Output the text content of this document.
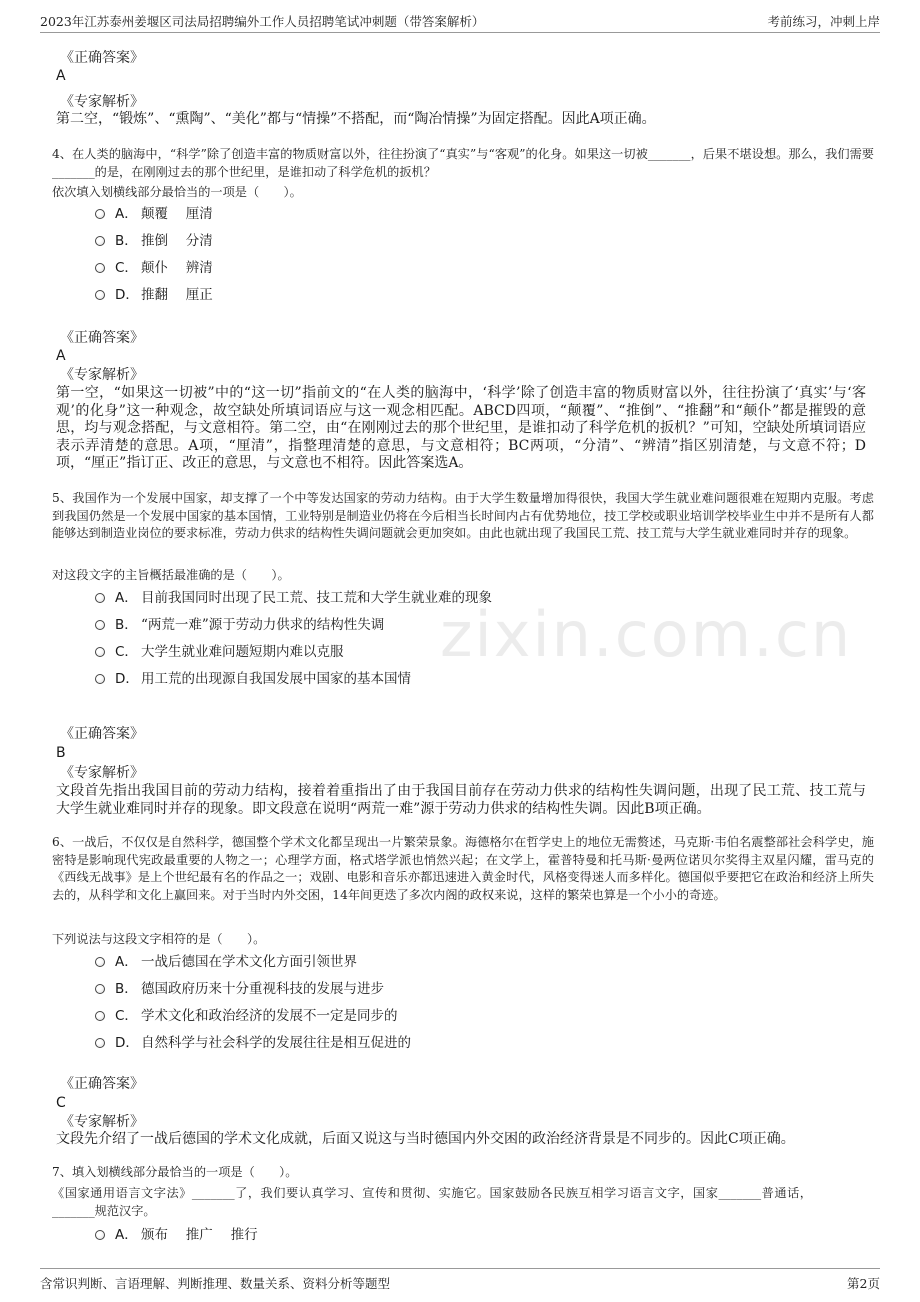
2023年江苏泰州姜堰区司法局招聘编外工作人员招聘笔试冲刺题（带答案解析）	考前练习，冲刺上岸
zixin.com.cn
《正确答案》
A
《专家解析》
第二空，“锻炼”、“熏陶”、“美化”都与“情操”不搭配，而“陶冶情操”为固定搭配。因此A项正确。
4、在人类的脑海中，“科学”除了创造丰富的物质财富以外，往往扮演了“真实”与“客观”的化身。如果这一切被_______，后果不堪设想。那么，我们需要_______的是，在刚刚过去的那个世纪里，是谁扣动了科学危机的扳机？
依次填入划横线部分最恰当的一项是（　　）。
A． 颠覆　 厘清
B． 推倒　 分清
C． 颠仆　 辨清
D． 推翻　 厘正
《正确答案》
A
《专家解析》
第一空，“如果这一切被”中的“这一切”指前文的“在人类的脑海中，‘科学’除了创造丰富的物质财富以外，往往扮演了‘真实’与‘客观’的化身”这一种观念，故空缺处所填词语应与这一观念相匹配。ABCD四项，“颠覆”、“推倒”、“推翻”和“颠仆”都是摧毁的意思，均与观念搭配，与文意相符。第二空，由“在刚刚过去的那个世纪里，是谁扣动了科学危机的扳机？”可知，空缺处所填词语应表示弄清楚的意思。A项，“厘清”，指整理清楚的意思，与文意相符；BC两项，“分清”、“辨清”指区别清楚，与文意不符；D项，“厘正”指订正、改正的意思，与文意也不相符。因此答案选A。
5、我国作为一个发展中国家，却支撑了一个中等发达国家的劳动力结构。由于大学生数量增加得很快，我国大学生就业难问题很难在短期内克服。考虑到我国仍然是一个发展中国家的基本国情，工业特别是制造业仍将在今后相当长时间内占有优势地位，技工学校或职业培训学校毕业生中并不是所有人都能够达到制造业岗位的要求标准，劳动力供求的结构性失调问题就会更加突如。由此也就出现了我国民工荒、技工荒与大学生就业难同时并存的现象。
对这段文字的主旨概括最准确的是（　　）。
A． 目前我国同时出现了民工荒、技工荒和大学生就业难的现象
B． “两荒一难”源于劳动力供求的结构性失调
C． 大学生就业难问题短期内难以克服
D． 用工荒的出现源自我国发展中国家的基本国情
《正确答案》
B
《专家解析》
文段首先指出我国目前的劳动力结构，接着着重指出了由于我国目前存在劳动力供求的结构性失调问题，出现了民工荒、技工荒与大学生就业难同时并存的现象。即文段意在说明“两荒一难”源于劳动力供求的结构性失调。因此B项正确。
6、一战后，不仅仅是自然科学，德国整个学术文化都呈现出一片繁荣景象。海德格尔在哲学史上的地位无需赘述，马克斯·韦伯名震整部社会科学史，施密特是影响现代宪政最重要的人物之一；心理学方面，格式塔学派也悄然兴起；在文学上，霍普特曼和托马斯·曼两位诺贝尔奖得主双星闪耀，雷马克的《西线无战事》是上个世纪最有名的作品之一；戏剧、电影和音乐亦都迅速进入黄金时代，风格变得迷人而多样化。德国似乎要把它在政治和经济上所失去的，从科学和文化上赢回来。对于当时内外交困，14年间更迭了多次内阁的政权来说，这样的繁荣也算是一个小小的奇迹。
下列说法与这段文字相符的是（　　）。
A． 一战后德国在学术文化方面引领世界
B． 德国政府历来十分重视科技的发展与进步
C． 学术文化和政治经济的发展不一定是同步的
D． 自然科学与社会科学的发展往往是相互促进的
《正确答案》
C
《专家解析》
文段先介绍了一战后德国的学术文化成就，后面又说这与当时德国内外交困的政治经济背景是不同步的。因此C项正确。
7、填入划横线部分最恰当的一项是（　　）。
《国家通用语言文字法》_______了，我们要认真学习、宣传和贯彻、实施它。国家鼓励各民族互相学习语言文字，国家_______普通话，_______规范汉字。
A． 颁布　 推广　 推行
含常识判断、言语理解、判断推理、数量关系、资料分析等题型	第2页
